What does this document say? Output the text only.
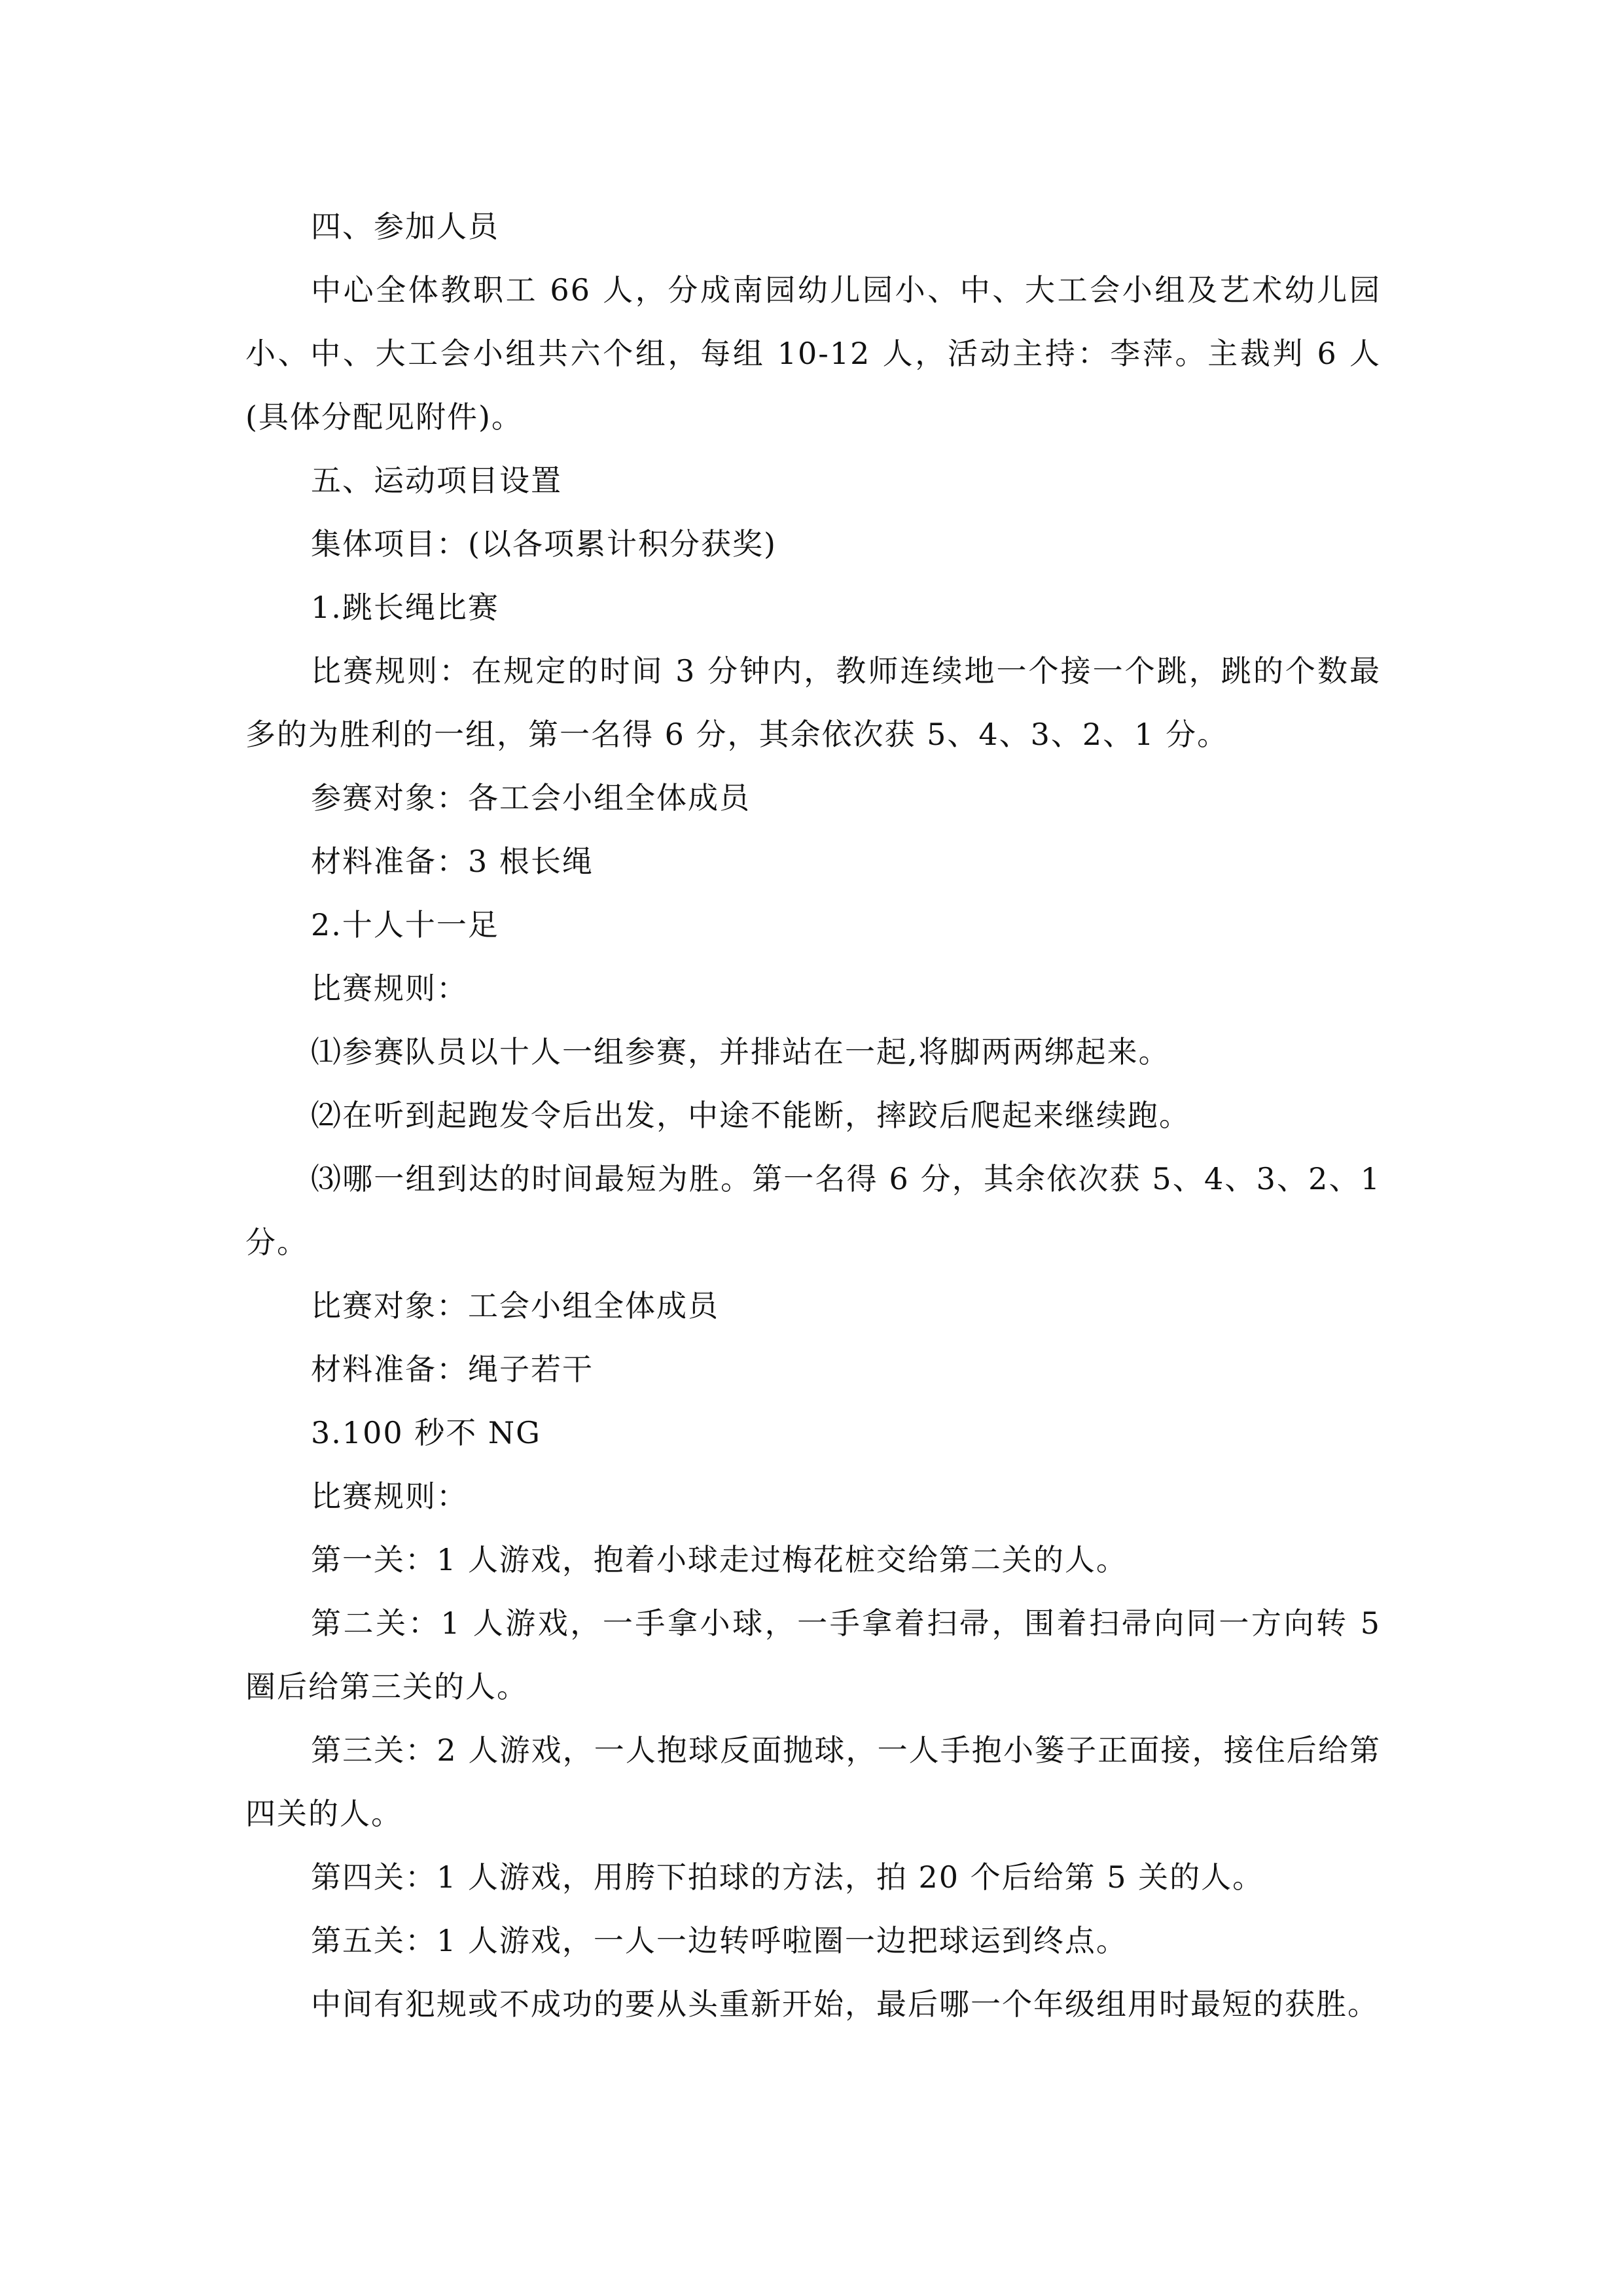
四、参加人员

中心全体教职工 66 人，分成南园幼儿园小、中、大工会小组及艺术幼儿园小、中、大工会小组共六个组，每组 10-12 人，活动主持：李萍。主裁判 6 人(具体分配见附件)。

五、运动项目设置

集体项目：(以各项累计积分获奖)

1.跳长绳比赛

比赛规则：在规定的时间 3 分钟内，教师连续地一个接一个跳，跳的个数最多的为胜利的一组，第一名得 6 分，其余依次获 5、4、3、2、1 分。

参赛对象：各工会小组全体成员

材料准备：3 根长绳

2.十人十一足

比赛规则：

⑴参赛队员以十人一组参赛，并排站在一起,将脚两两绑起来。

⑵在听到起跑发令后出发，中途不能断，摔跤后爬起来继续跑。

⑶哪一组到达的时间最短为胜。第一名得 6 分，其余依次获 5、4、3、2、1 分。

比赛对象：工会小组全体成员

材料准备：绳子若干

3.100 秒不 NG

比赛规则：

第一关：1 人游戏，抱着小球走过梅花桩交给第二关的人。

第二关：1 人游戏，一手拿小球，一手拿着扫帚，围着扫帚向同一方向转 5 圈后给第三关的人。

第三关：2 人游戏，一人抱球反面抛球，一人手抱小篓子正面接，接住后给第四关的人。

第四关：1 人游戏，用胯下拍球的方法，拍 20 个后给第 5 关的人。

第五关：1 人游戏，一人一边转呼啦圈一边把球运到终点。

中间有犯规或不成功的要从头重新开始，最后哪一个年级组用时最短的获胜。
